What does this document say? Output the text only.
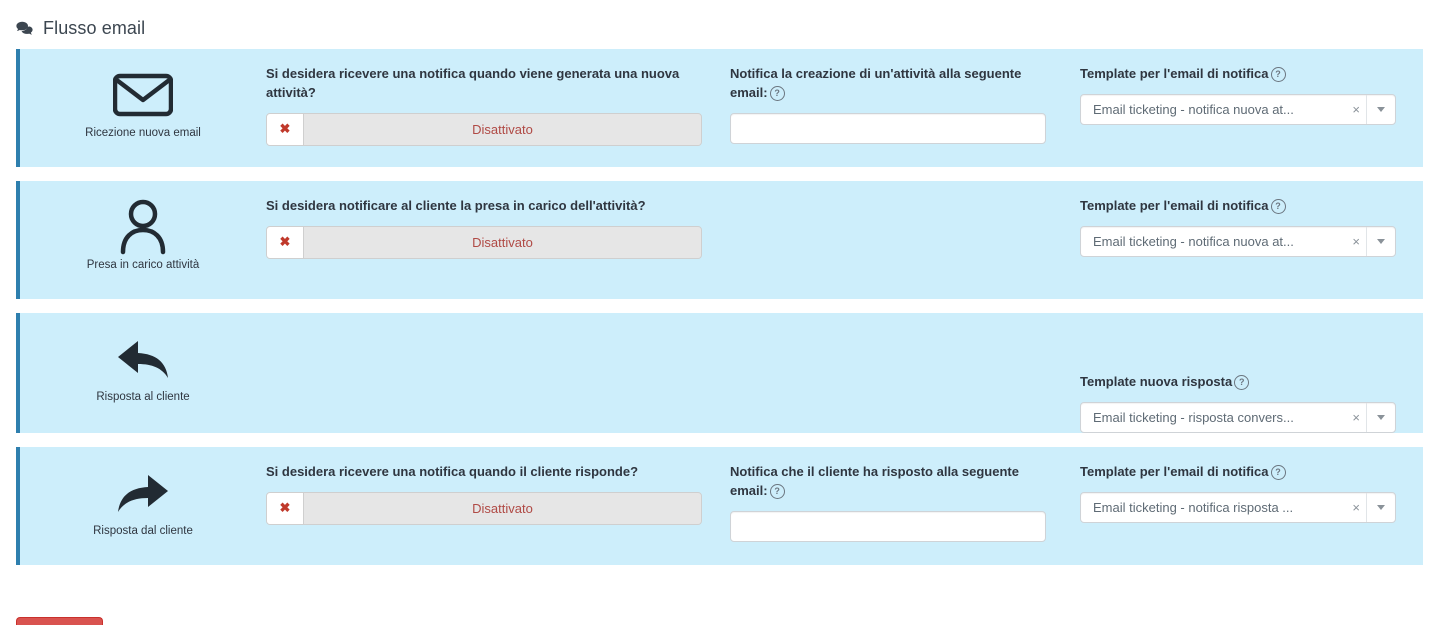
Flusso email
Ricezione nuova email
Si desidera ricevere una notifica quando viene generata una nuova attività?
✖	Disattivato
Notifica la creazione di un'attività alla seguente email: ?
Template per l'email di notifica ?
Email ticketing - notifica nuova at...	×
Presa in carico attività
Si desidera notificare al cliente la presa in carico dell'attività?
✖	Disattivato
Template per l'email di notifica ?
Email ticketing - notifica nuova at...	×
Risposta al cliente
Template nuova risposta ?
Email ticketing - risposta convers...	×
Risposta dal cliente
Si desidera ricevere una notifica quando il cliente risponde?
✖	Disattivato
Notifica che il cliente ha risposto alla seguente email: ?
Template per l'email di notifica ?
Email ticketing - notifica risposta ...	×
